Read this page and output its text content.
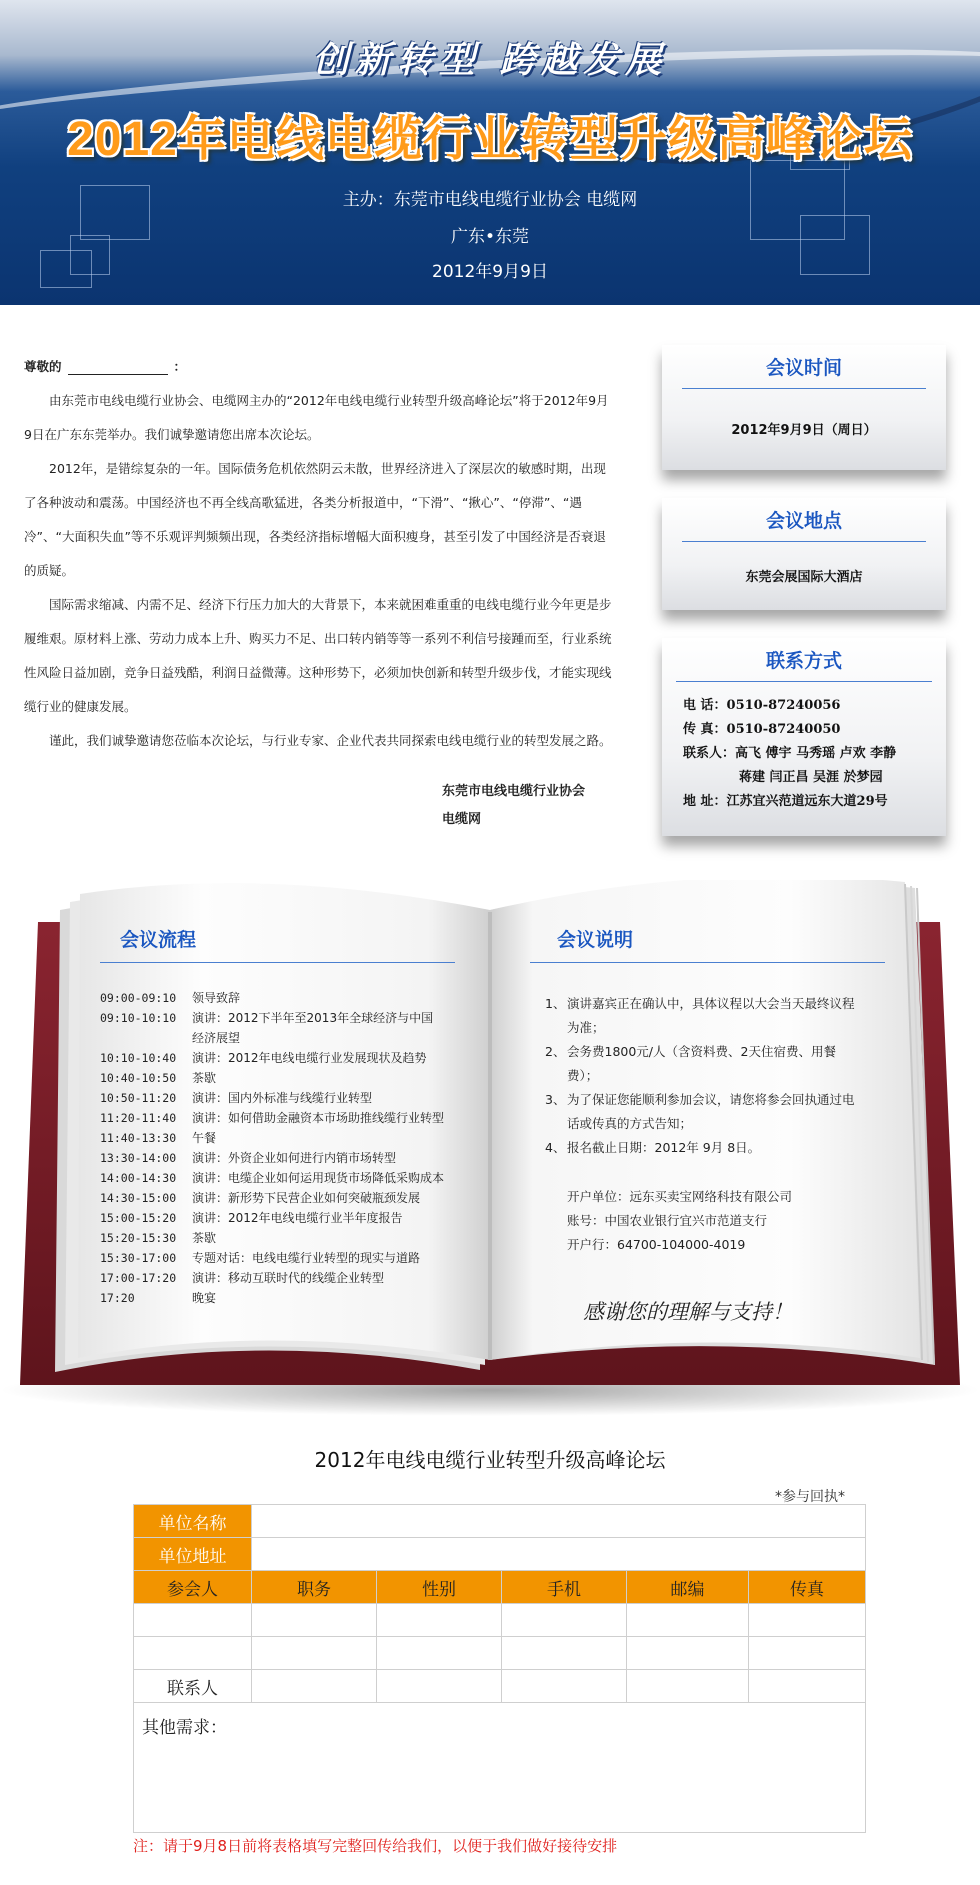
创新转型 跨越发展
2012年电线电缆行业转型升级高峰论坛
主办：东莞市电线电缆行业协会 电缆网
广东•东莞
2012年9月9日

尊敬的	：

由东莞市电线电缆行业协会、电缆网主办的“2012年电线电缆行业转型升级高峰论坛”将于2012年9月9日在广东东莞举办。我们诚挚邀请您出席本次论坛。

2012年，是错综复杂的一年。国际债务危机依然阴云未散，世界经济进入了深层次的敏感时期，出现了各种波动和震荡。中国经济也不再全线高歌猛进，各类分析报道中，“下滑”、“揪心”、“停滞”、“遇冷”、“大面积失血”等不乐观评判频频出现，各类经济指标增幅大面积瘦身，甚至引发了中国经济是否衰退的质疑。

国际需求缩减、内需不足、经济下行压力加大的大背景下，本来就困难重重的电线电缆行业今年更是步履维艰。原材料上涨、劳动力成本上升、购买力不足、出口转内销等等一系列不利信号接踵而至，行业系统性风险日益加剧，竞争日益残酷，利润日益微薄。这种形势下，必须加快创新和转型升级步伐，才能实现线缆行业的健康发展。

谨此，我们诚挚邀请您莅临本次论坛，与行业专家、企业代表共同探索电线电缆行业的转型发展之路。

东莞市电线电缆行业协会
电缆网
会议时间
2012年9月9日（周日）
会议地点
东莞会展国际大酒店
联系方式
电 话：0510-87240056
传 真：0510-87240050
联系人：高飞 傅宇 马秀瑶 卢欢 李静
蒋建 闫正昌 吴涯 於梦园
地 址：江苏宜兴范道远东大道29号
会议流程
09:00-09:10	领导致辞
09:10-10:10	演讲：2012下半年至2013年全球经济与中国
经济展望
10:10-10:40	演讲：2012年电线电缆行业发展现状及趋势
10:40-10:50	茶歇
10:50-11:20	演讲：国内外标准与线缆行业转型
11:20-11:40	演讲：如何借助金融资本市场助推线缆行业转型
11:40-13:30	午餐
13:30-14:00	演讲：外资企业如何进行内销市场转型
14:00-14:30	演讲：电缆企业如何运用现货市场降低采购成本
14:30-15:00	演讲：新形势下民营企业如何突破瓶颈发展
15:00-15:20	演讲：2012年电线电缆行业半年度报告
15:20-15:30	茶歇
15:30-17:00	专题对话：电线电缆行业转型的现实与道路
17:00-17:20	演讲：移动互联时代的线缆企业转型
17:20	晚宴
会议说明
1、 演讲嘉宾正在确认中，具体议程以大会当天最终议程为准；
2、 会务费1800元/人（含资料费、2天住宿费、用餐费）；
3、 为了保证您能顺利参加会议，请您将参会回执通过电话或传真的方式告知；
4、 报名截止日期：2012年 9月 8日。
开户单位：远东买卖宝网络科技有限公司
账号：中国农业银行宜兴市范道支行
开户行：64700-104000-4019
感谢您的理解与支持！
2012年电线电缆行业转型升级高峰论坛
*参与回执*
单位名称					
单位地址					
参会人	职务	性别	手机	邮编	传真

联系人					
其他需求：					
注：请于9月8日前将表格填写完整回传给我们，以便于我们做好接待安排
